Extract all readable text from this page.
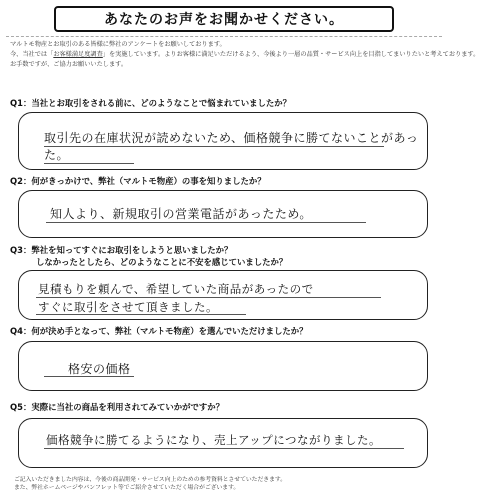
あなたのお声をお聞かせください。
マルトモ物産とお取引のある皆様に弊社のアンケートをお願いしております。
今、当社では「お客様満足度調査」を実施しています。よりお客様に満足いただけるよう、今後より一層の品質・サービス向上を目指してまいりたいと考えております。
お手数ですが、ご協力お願いいたします。
Q1：当社とお取引をされる前に、どのようなことで悩まれていましたか？
取引先の在庫状況が読めないため、価格競争に勝てないことがあった。
Q2：何がきっかけで、弊社（マルトモ物産）の事を知りましたか？
知人より、新規取引の営業電話があったため。
Q3：弊社を知ってすぐにお取引をしようと思いましたか？
しなかったとしたら、どのようなことに不安を感じていましたか？
見積もりを頼んで、希望していた商品があったので
すぐに取引をさせて頂きました。
Q4：何が決め手となって、弊社（マルトモ物産）を選んでいただけましたか？
格安の価格
Q5：実際に当社の商品を利用されてみていかがですか？
価格競争に勝てるようになり、売上アップにつながりました。
ご記入いただきました内容は、今後の商品開発・サービス向上のための参考資料とさせていただきます。
また、弊社ホームページやパンフレット等でご紹介させていただく場合がございます。
